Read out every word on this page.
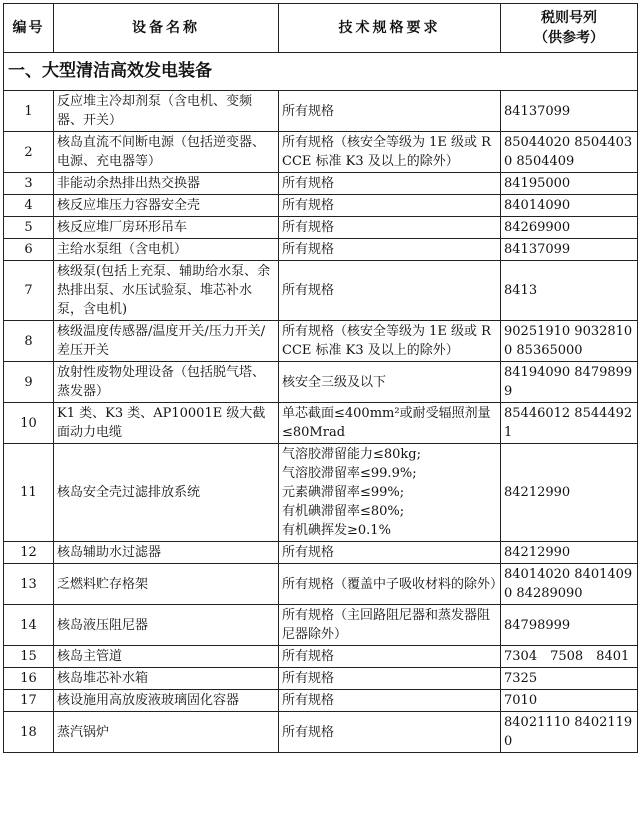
编号	设备名称	技术规格要求	税则号列
（供参考）

一、大型清洁高效发电装备			
1	反应堆主冷却剂泵（含电机、变频器、开关）	所有规格	84137099
2	核岛直流不间断电源（包括逆变器、电源、充电器等）	所有规格（核安全等级为 1E 级或 RCCE 标准 K3 及以上的除外）	85044020 85044030 8504409
3	非能动余热排出热交换器	所有规格	84195000
4	核反应堆压力容器安全壳	所有规格	84014090
5	核反应堆厂房环形吊车	所有规格	84269900
6	主给水泵组（含电机）	所有规格	84137099
7	核级泵(包括上充泵、辅助给水泵、余热排出泵、水压试验泵、堆芯补水泵，含电机)	所有规格	8413
8	核级温度传感器/温度开关/压力开关/差压开关	所有规格（核安全等级为 1E 级或 RCCE 标准 K3 及以上的除外）	90251910 90328100 85365000
9	放射性废物处理设备（包括脱气塔、蒸发器）	核安全三级及以下	84194090 84798999
10	K1 类、K3 类、AP10001E 级大截面动力电缆	单芯截面≤400mm²或耐受辐照剂量≤80Mrad	85446012 85444921
11	核岛安全壳过滤排放系统	气溶胶滞留能力≤80kg;
气溶胶滞留率≤99.9%;
元素碘滞留率≤99%;
有机碘滞留率≤80%;
有机碘挥发≥0.1%	84212990
12	核岛辅助水过滤器	所有规格	84212990
13	乏燃料贮存格架	所有规格（覆盖中子吸收材料的除外）	84014020 84014090 84289090
14	核岛液压阻尼器	所有规格（主回路阻尼器和蒸发器阻尼器除外）	84798999
15	核岛主管道	所有规格	7304　7508　8401
16	核岛堆芯补水箱	所有规格	7325
17	核设施用高放废液玻璃固化容器	所有规格	7010
18	蒸汽锅炉	所有规格	84021110 84021190
